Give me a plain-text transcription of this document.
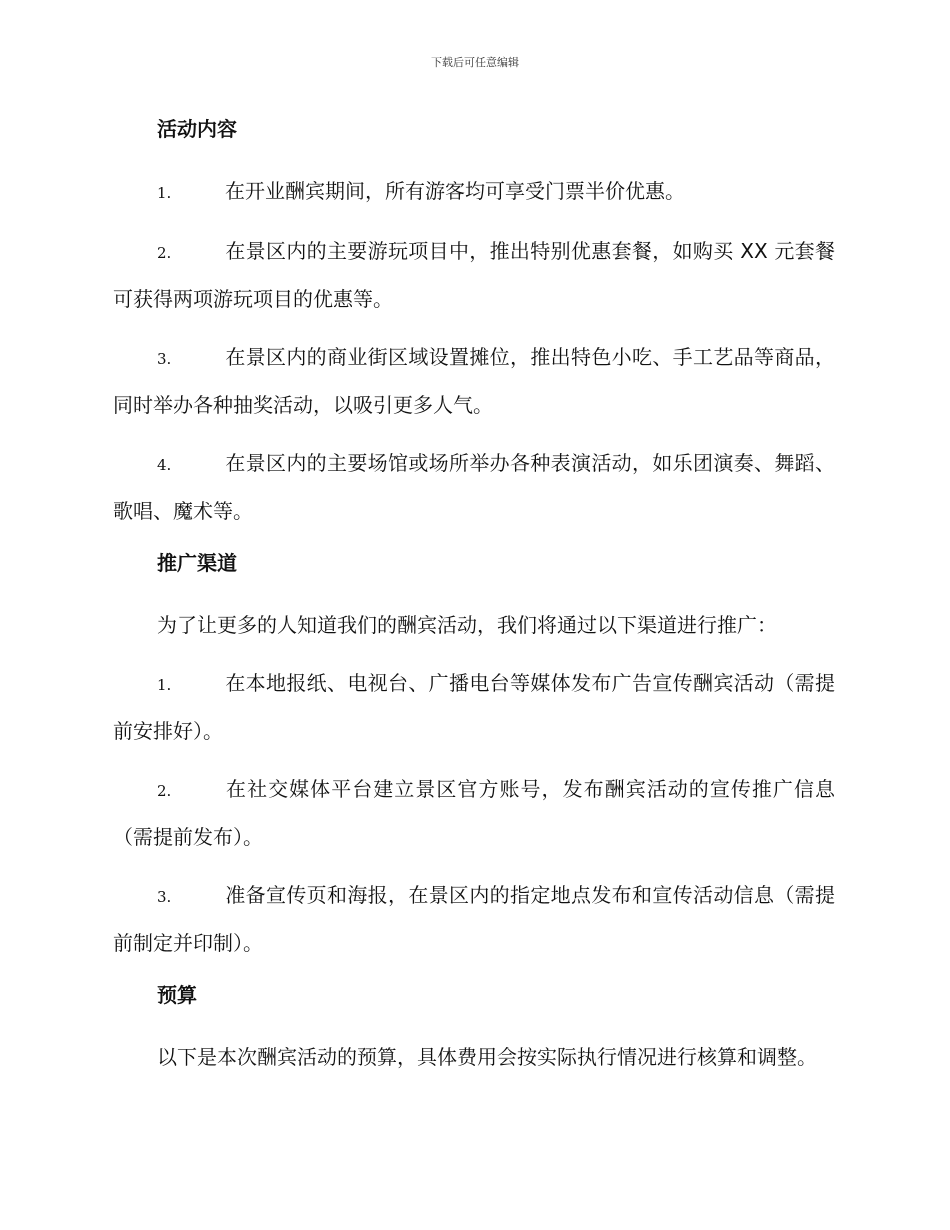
下载后可任意编辑
活动内容
1.	在开业酬宾期间，所有游客均可享受门票半价优惠。
2.	在景区内的主要游玩项目中，推出特别优惠套餐，如购买 XX 元套餐可获得两项游玩项目的优惠等。
3.	在景区内的商业街区域设置摊位，推出特色小吃、手工艺品等商品，同时举办各种抽奖活动，以吸引更多人气。
4.	在景区内的主要场馆或场所举办各种表演活动，如乐团演奏、舞蹈、歌唱、魔术等。
推广渠道
为了让更多的人知道我们的酬宾活动，我们将通过以下渠道进行推广：
1.	在本地报纸、电视台、广播电台等媒体发布广告宣传酬宾活动（需提前安排好）。
2.	在社交媒体平台建立景区官方账号，发布酬宾活动的宣传推广信息（需提前发布）。
3.	准备宣传页和海报，在景区内的指定地点发布和宣传活动信息（需提前制定并印制）。
预算
以下是本次酬宾活动的预算，具体费用会按实际执行情况进行核算和调整。
